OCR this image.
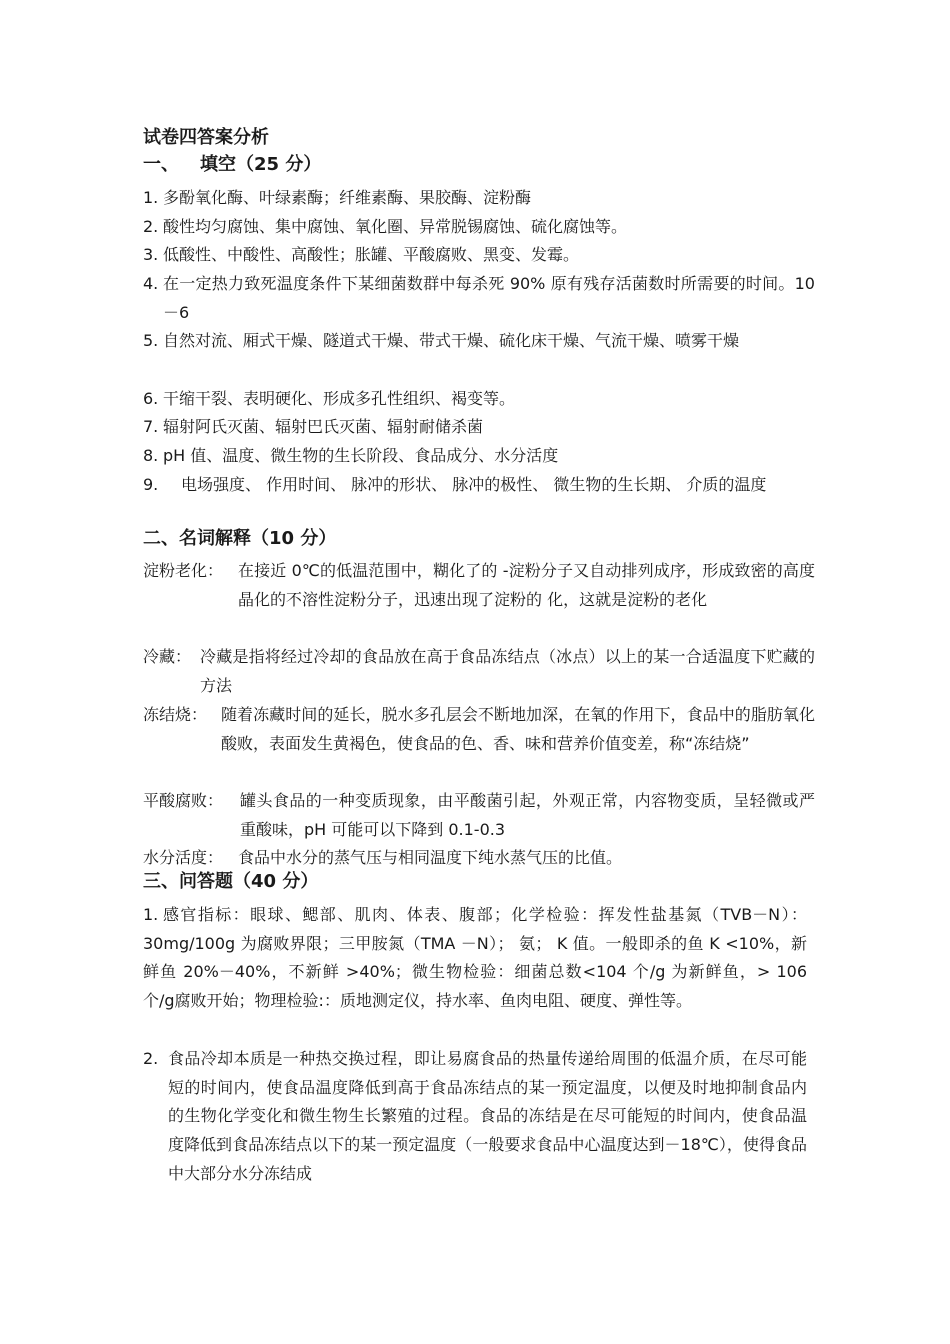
试卷四答案分析
一、 填空（25 分）
1. 多酚氧化酶、叶绿素酶；纤维素酶、果胶酶、淀粉酶
2. 酸性均匀腐蚀、集中腐蚀、氧化圈、异常脱锡腐蚀、硫化腐蚀等。
3. 低酸性、中酸性、高酸性；胀罐、平酸腐败、黑变、发霉。
4. 在一定热力致死温度条件下某细菌数群中每杀死 90% 原有残存活菌数时所需要的时间。10－6
5. 自然对流、厢式干燥、隧道式干燥、带式干燥、硫化床干燥、气流干燥、喷雾干燥
6. 干缩干裂、表明硬化、形成多孔性组织、褐变等。
7. 辐射阿氏灭菌、辐射巴氏灭菌、辐射耐储杀菌
8. pH 值、温度、微生物的生长阶段、食品成分、水分活度
9.	电场强度、 作用时间、 脉冲的形状、 脉冲的极性、 微生物的生长期、 介质的温度
二、名词解释（10 分）
淀粉老化： 在接近 0℃的低温范围中，糊化了的 -淀粉分子又自动排列成序，形成致密的高度晶化的不溶性淀粉分子，迅速出现了淀粉的 化，这就是淀粉的老化
冷藏： 冷藏是指将经过冷却的食品放在高于食品冻结点（冰点）以上的某一合适温度下贮藏的方法
冻结烧： 随着冻藏时间的延长，脱水多孔层会不断地加深，在氧的作用下，食品中的脂肪氧化酸败，表面发生黄褐色，使食品的色、香、味和营养价值变差，称“冻结烧”
平酸腐败：	罐头食品的一种变质现象，由平酸菌引起，外观正常，内容物变质，呈轻微或严重酸味，pH 可能可以下降到 0.1-0.3
水分活度： 食品中水分的蒸气压与相同温度下纯水蒸气压的比值。
三、问答题（40 分）
1. 感官指标：眼球、鳃部、肌肉、体表、腹部；化学检验：挥发性盐基氮（TVB－N）：30mg/100g 为腐败界限；三甲胺氮（TMA －N）； 氨； K 值。一般即杀的鱼 K <10%，新鲜鱼 20%－40%，不新鲜 >40%；微生物检验：细菌总数<104 个/g 为新鲜鱼，> 106 个/g腐败开始；物理检验:：质地测定仪，持水率、鱼肉电阻、硬度、弹性等。
2. 食品冷却本质是一种热交换过程，即让易腐食品的热量传递给周围的低温介质，在尽可能短的时间内，使食品温度降低到高于食品冻结点的某一预定温度，以便及时地抑制食品内的生物化学变化和微生物生长繁殖的过程。食品的冻结是在尽可能短的时间内，使食品温度降低到食品冻结点以下的某一预定温度（一般要求食品中心温度达到－18℃），使得食品中大部分水分冻结成
